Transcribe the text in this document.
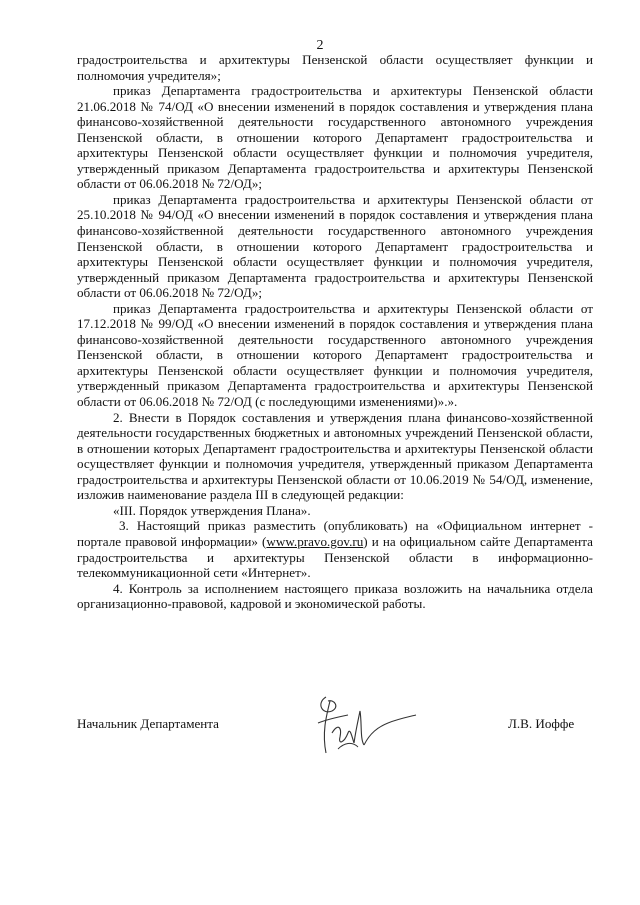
2

градостроительства и архитектуры Пензенской области осуществляет функции и полномочия учредителя»;

приказ Департамента градостроительства и архитектуры Пензенской области 21.06.2018 № 74/ОД «О внесении изменений в порядок составления и утверждения плана финансово-хозяйственной деятельности государственного автономного учреждения Пензенской области, в отношении которого Департамент градостроительства и архитектуры Пензенской области осуществляет функции и полномочия учредителя, утвержденный приказом Департамента градостроительства и архитектуры Пензенской области от 06.06.2018 № 72/ОД»;

приказ Департамента градостроительства и архитектуры Пензенской области от 25.10.2018 № 94/ОД «О внесении изменений в порядок составления и утверждения плана финансово-хозяйственной деятельности государственного автономного учреждения Пензенской области, в отношении которого Департамент градостроительства и архитектуры Пензенской области осуществляет функции и полномочия учредителя, утвержденный приказом Департамента градостроительства и архитектуры Пензенской области от 06.06.2018 № 72/ОД»;

приказ Департамента градостроительства и архитектуры Пензенской области от 17.12.2018 № 99/ОД «О внесении изменений в порядок составления и утверждения плана финансово-хозяйственной деятельности государственного автономного учреждения Пензенской области, в отношении которого Департамент градостроительства и архитектуры Пензенской области осуществляет функции и полномочия учредителя, утвержденный приказом Департамента градостроительства и архитектуры Пензенской области от 06.06.2018 № 72/ОД (с последующими изменениями)».».

2. Внести в Порядок составления и утверждения плана финансово-хозяйственной деятельности государственных бюджетных и автономных учреждений Пензенской области, в отношении которых Департамент градостроительства и архитектуры Пензенской области осуществляет функции и полномочия учредителя, утвержденный приказом Департамента градостроительства и архитектуры Пензенской области от 10.06.2019 № 54/ОД, изменение, изложив наименование раздела III в следующей редакции:

«III. Порядок утверждения Плана».

3. Настоящий приказ разместить (опубликовать) на «Официальном интернет - портале правовой информации» (www.pravo.gov.ru) и на официальном сайте Департамента градостроительства и архитектуры Пензенской области в информационно-телекоммуникационной сети «Интернет».

4. Контроль за исполнением настоящего приказа возложить на начальника отдела организационно-правовой, кадровой и экономической работы.

Начальник Департамента	Л.В. Иоффе
